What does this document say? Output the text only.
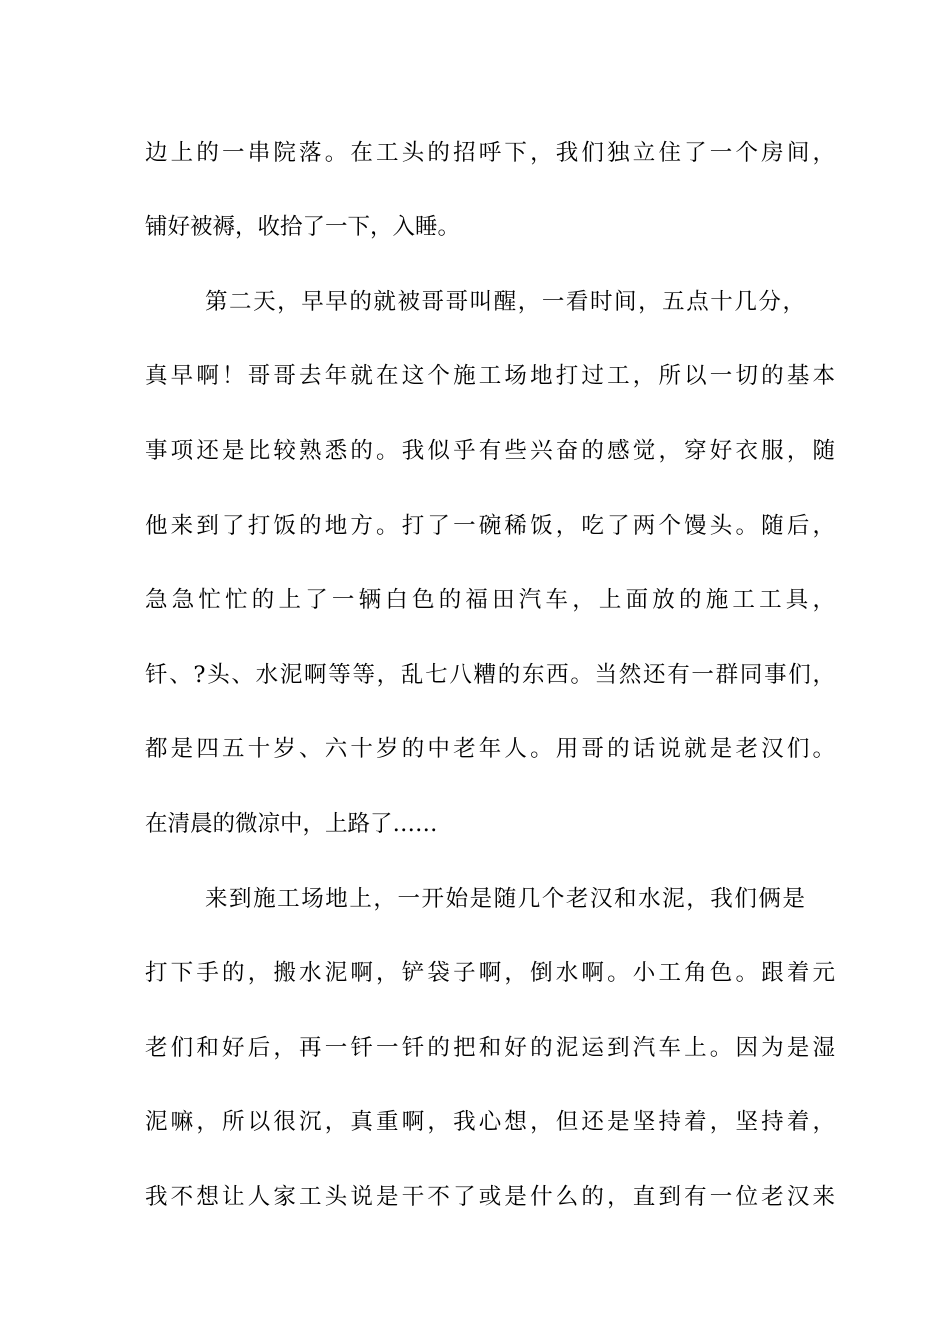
边上的一串院落。在工头的招呼下，我们独立住了一个房间，
铺好被褥，收拾了一下，入睡。
第二天，早早的就被哥哥叫醒，一看时间，五点十几分，
真早啊！哥哥去年就在这个施工场地打过工，所以一切的基本
事项还是比较熟悉的。我似乎有些兴奋的感觉，穿好衣服，随
他来到了打饭的地方。打了一碗稀饭，吃了两个馒头。随后，
急急忙忙的上了一辆白色的福田汽车，上面放的施工工具，
钎、?头、水泥啊等等，乱七八糟的东西。当然还有一群同事们，
都是四五十岁、六十岁的中老年人。用哥的话说就是老汉们。
在清晨的微凉中，上路了……
来到施工场地上，一开始是随几个老汉和水泥，我们俩是
打下手的，搬水泥啊，铲袋子啊，倒水啊。小工角色。跟着元
老们和好后，再一钎一钎的把和好的泥运到汽车上。因为是湿
泥嘛，所以很沉，真重啊，我心想，但还是坚持着，坚持着，
我不想让人家工头说是干不了或是什么的，直到有一位老汉来
